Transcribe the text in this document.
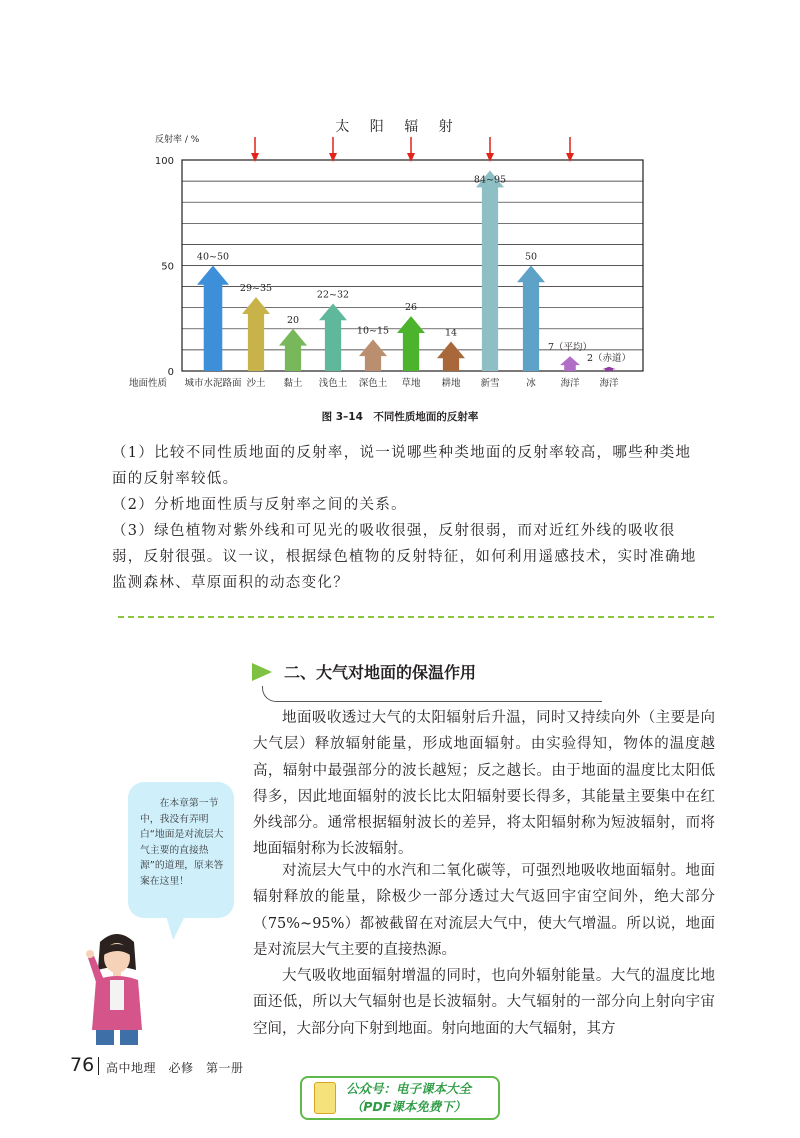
0
50
100
反射率 / %
太 阳 辐 射
地面性质
40~50
城市水泥路面
29~35
沙土
20
黏土
22~32
浅色土
10~15
深色土
26
草地
14
耕地
84~95
新雪
50
冰
7（平均）
海洋
2（赤道）
海洋
图 3–14　不同性质地面的反射率
（1）比较不同性质地面的反射率，说一说哪些种类地面的反射率较高，哪些种类地面的反射率较低。
（2）分析地面性质与反射率之间的关系。
（3）绿色植物对紫外线和可见光的吸收很强，反射很弱，而对近红外线的吸收很弱，反射很强。议一议，根据绿色植物的反射特征，如何利用遥感技术，实时准确地监测森林、草原面积的动态变化？
二、大气对地面的保温作用
地面吸收透过大气的太阳辐射后升温，同时又持续向外（主要是向大气层）释放辐射能量，形成地面辐射。由实验得知，物体的温度越高，辐射中最强部分的波长越短；反之越长。由于地面的温度比太阳低得多，因此地面辐射的波长比太阳辐射要长得多，其能量主要集中在红外线部分。通常根据辐射波长的差异，将太阳辐射称为短波辐射，而将地面辐射称为长波辐射。
对流层大气中的水汽和二氧化碳等，可强烈地吸收地面辐射。地面辐射释放的能量，除极少一部分透过大气返回宇宙空间外，绝大部分（75%~95%）都被截留在对流层大气中，使大气增温。所以说，地面是对流层大气主要的直接热源。
大气吸收地面辐射增温的同时，也向外辐射能量。大气的温度比地面还低，所以大气辐射也是长波辐射。大气辐射的一部分向上射向宇宙空间，大部分向下射到地面。射向地面的大气辐射，其方
在本章第一节中，我没有弄明白“地面是对流层大气主要的直接热源”的道理，原来答案在这里！
76 高中地理　必修　第一册
公众号：电子课本大全
（PDF课本免费下）
